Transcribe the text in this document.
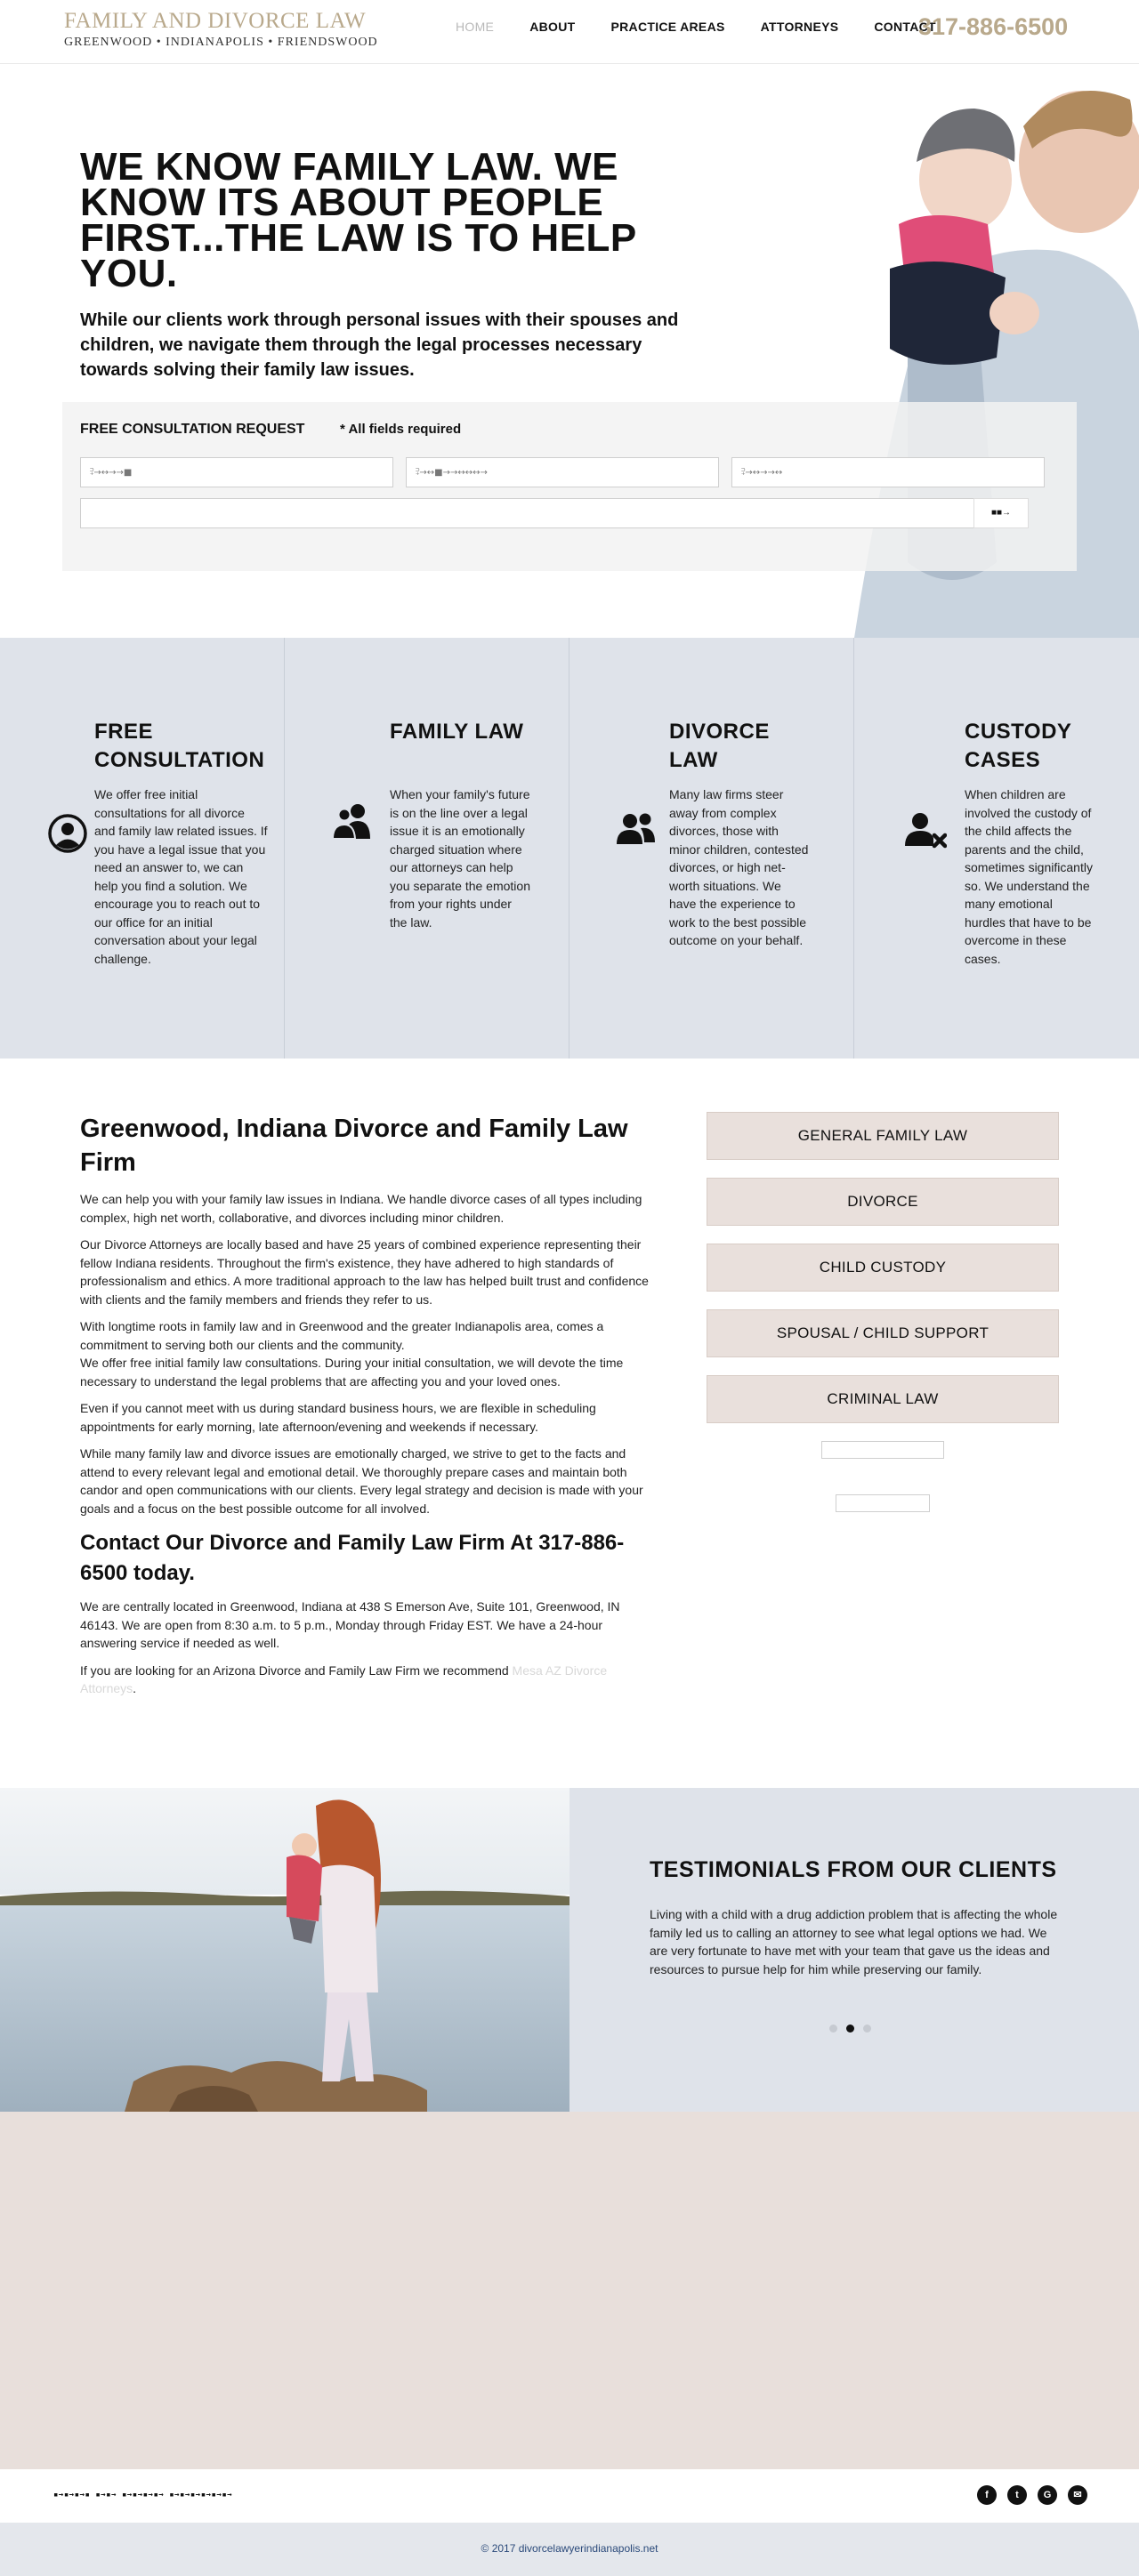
FAMILY AND DIVORCE LAW
GREENWOOD • INDIANAPOLIS • FRIENDSWOOD
HOME	ABOUT	PRACTICE AREAS	ATTORNEYS	CONTACT
317-886-6500
WE KNOW FAMILY LAW. WE KNOW ITS ABOUT PEOPLE FIRST...THE LAW IS TO HELP YOU.
While our clients work through personal issues with their spouses and children, we navigate them through the legal processes necessary towards solving their family law issues.
FREE CONSULTATION REQUEST	* All fields required
⫀→↔→→■	⫀→↔■→→↔↔↔→	⫀→↔→→↔
■■→
FREE CONSULTATION
We offer free initial consultations for all divorce and family law related issues. If you have a legal issue that you need an answer to, we can help you find a solution. We encourage you to reach out to our office for an initial conversation about your legal challenge.
FAMILY LAW
When your family's future is on the line over a legal issue it is an emotionally charged situation where our attorneys can help you separate the emotion from your rights under the law.
DIVORCE LAW
Many law firms steer away from complex divorces, those with minor children, contested divorces, or high net-worth situations. We have the experience to work to the best possible outcome on your behalf.
CUSTODY CASES
When children are involved the custody of the child affects the parents and the child, sometimes significantly so. We understand the many emotional hurdles that have to be overcome in these cases.
Greenwood, Indiana Divorce and Family Law Firm

We can help you with your family law issues in Indiana. We handle divorce cases of all types including complex, high net worth, collaborative, and divorces including minor children.

Our Divorce Attorneys are locally based and have 25 years of combined experience representing their fellow Indiana residents. Throughout the firm's existence, they have adhered to high standards of professionalism and ethics. A more traditional approach to the law has helped built trust and confidence with clients and the family members and friends they refer to us.

With longtime roots in family law and in Greenwood and the greater Indianapolis area, comes a commitment to serving both our clients and the community.

We offer free initial family law consultations. During your initial consultation, we will devote the time necessary to understand the legal problems that are affecting you and your loved ones.

Even if you cannot meet with us during standard business hours, we are flexible in scheduling appointments for early morning, late afternoon/evening and weekends if necessary.

While many family law and divorce issues are emotionally charged, we strive to get to the facts and attend to every relevant legal and emotional detail. We thoroughly prepare cases and maintain both candor and open communications with our clients. Every legal strategy and decision is made with your goals and a focus on the best possible outcome for all involved.

Contact Our Divorce and Family Law Firm At 317-886-6500 today.

We are centrally located in Greenwood, Indiana at 438 S Emerson Ave, Suite 101, Greenwood, IN 46143. We are open from 8:30 a.m. to 5 p.m., Monday through Friday EST. We have a 24-hour answering service if needed as well.

If you are looking for an Arizona Divorce and Family Law Firm we recommend Mesa AZ Divorce Attorneys.

GENERAL FAMILY LAW
DIVORCE
CHILD CUSTODY
SPOUSAL / CHILD SUPPORT
CRIMINAL LAW
TESTIMONIALS FROM OUR CLIENTS
Living with a child with a drug addiction problem that is affecting the whole family led us to calling an attorney to see what legal options we had. We are very fortunate to have met with your team that gave us the ideas and resources to pursue help for him while preserving our family.
▪→▪→▪→▪ ▪→▪→ ▪→▪→▪→▪→ ▪→▪→▪→▪→▪→▪→	f	t	G	✉
© 2017 divorcelawyerindianapolis.net
